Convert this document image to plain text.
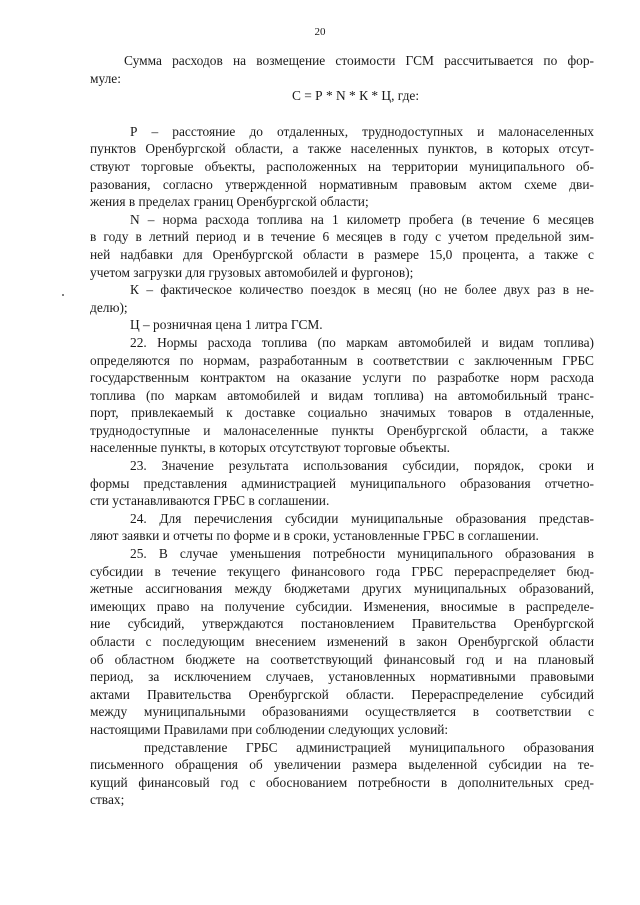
20
Сумма расходов на возмещение стоимости ГСМ рассчитывается по фор-
муле:
С = Р * N * К * Ц, где:
Р – расстояние до отдаленных, труднодоступных и малонаселенных
пунктов Оренбургской области, а также населенных пунктов, в которых отсут-
ствуют торговые объекты, расположенных на территории муниципального об-
разования, согласно утвержденной нормативным правовым актом схеме дви-
жения в пределах границ Оренбургской области;
N – норма расхода топлива на 1 километр пробега (в течение 6 месяцев
в году в летний период и в течение 6 месяцев в году с учетом предельной зим-
ней надбавки для Оренбургской области в размере 15,0 процента, а также с
учетом загрузки для грузовых автомобилей и фургонов);
К – фактическое количество поездок в месяц (но не более двух раз в не-
делю);
Ц – розничная цена 1 литра ГСМ.
22. Нормы расхода топлива (по маркам автомобилей и видам топлива)
определяются по нормам, разработанным в соответствии с заключенным ГРБС
государственным контрактом на оказание услуги по разработке норм расхода
топлива (по маркам автомобилей и видам топлива) на автомобильный транс-
порт, привлекаемый к доставке социально значимых товаров в отдаленные,
труднодоступные и малонаселенные пункты Оренбургской области, а также
населенные пункты, в которых отсутствуют торговые объекты.
23. Значение результата использования субсидии, порядок, сроки и
формы представления администрацией муниципального образования отчетно-
сти устанавливаются ГРБС в соглашении.
24. Для перечисления субсидии муниципальные образования представ-
ляют заявки и отчеты по форме и в сроки, установленные ГРБС в соглашении.
25. В случае уменьшения потребности муниципального образования в
субсидии в течение текущего финансового года ГРБС перераспределяет бюд-
жетные ассигнования между бюджетами других муниципальных образований,
имеющих право на получение субсидии. Изменения, вносимые в распределе-
ние субсидий, утверждаются постановлением Правительства Оренбургской
области с последующим внесением изменений в закон Оренбургской области
об областном бюджете на соответствующий финансовый год и на плановый
период, за исключением случаев, установленных нормативными правовыми
актами Правительства Оренбургской области. Перераспределение субсидий
между муниципальными образованиями осуществляется в соответствии с
настоящими Правилами при соблюдении следующих условий:
представление ГРБС администрацией муниципального образования
письменного обращения об увеличении размера выделенной субсидии на те-
кущий финансовый год с обоснованием потребности в дополнительных сред-
ствах;
